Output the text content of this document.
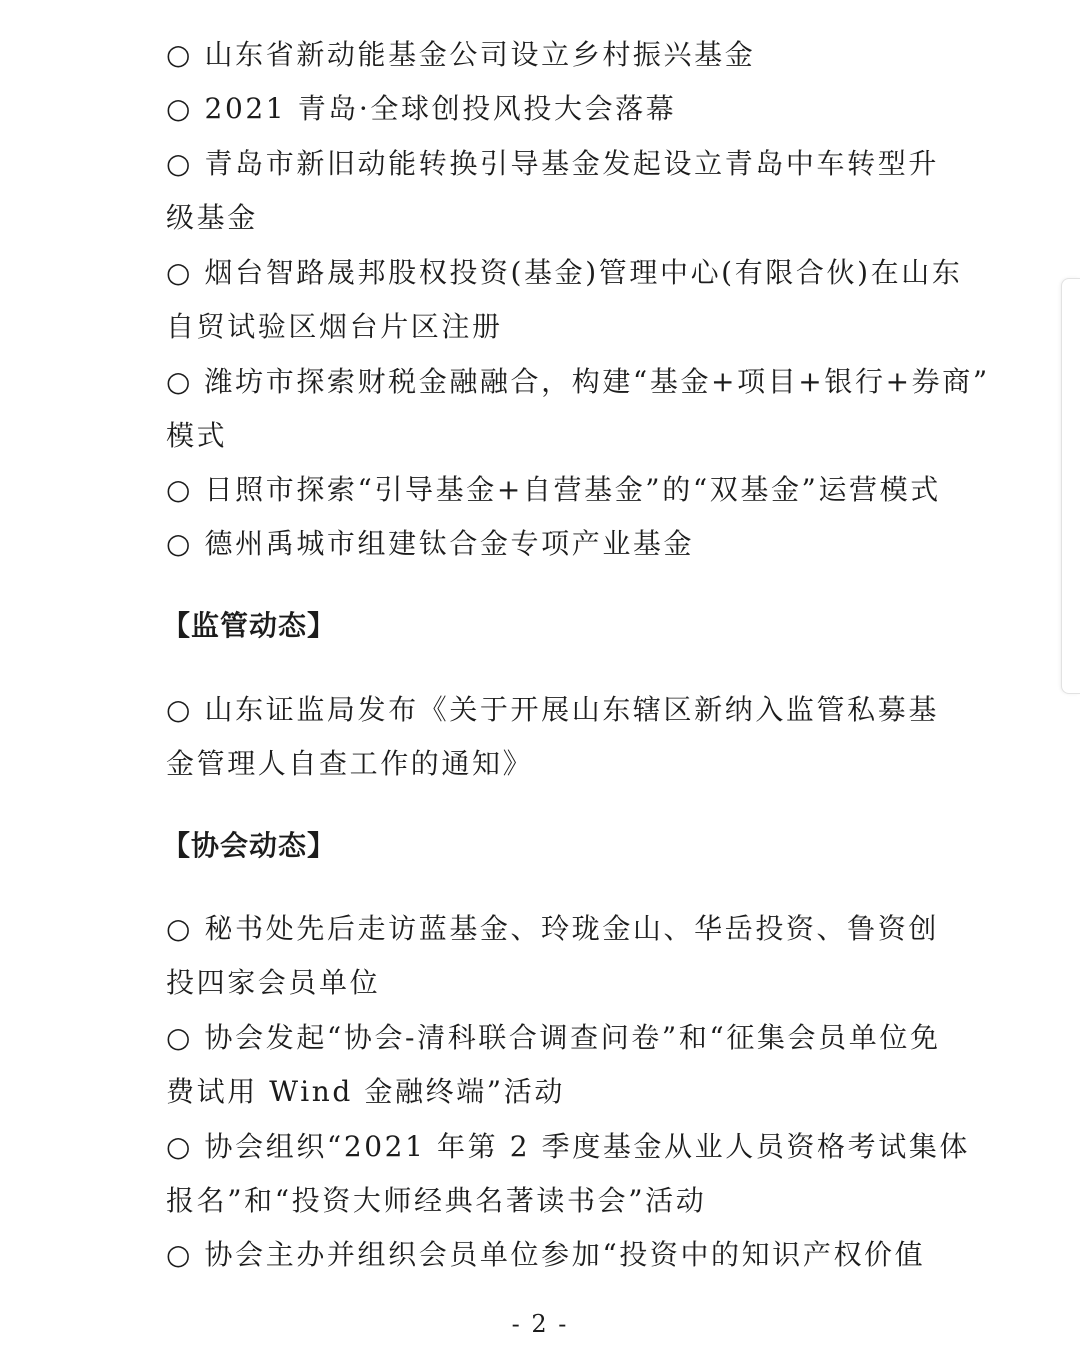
○ 山东省新动能基金公司设立乡村振兴基金
○ 2021 青岛·全球创投风投大会落幕
○ 青岛市新旧动能转换引导基金发起设立青岛中车转型升
级基金
○ 烟台智路晟邦股权投资(基金)管理中心(有限合伙)在山东
自贸试验区烟台片区注册
○ 潍坊市探索财税金融融合，构建“基金+项目+银行+券商”
模式
○ 日照市探索“引导基金+自营基金”的“双基金”运营模式
○ 德州禹城市组建钛合金专项产业基金
【监管动态】
○ 山东证监局发布《关于开展山东辖区新纳入监管私募基
金管理人自查工作的通知》
【协会动态】
○ 秘书处先后走访蓝基金、玲珑金山、华岳投资、鲁资创
投四家会员单位
○ 协会发起“协会-清科联合调查问卷”和“征集会员单位免
费试用 Wind 金融终端”活动
○ 协会组织“2021 年第 2 季度基金从业人员资格考试集体
报名”和“投资大师经典名著读书会”活动
○ 协会主办并组织会员单位参加“投资中的知识产权价值
- 2 -
